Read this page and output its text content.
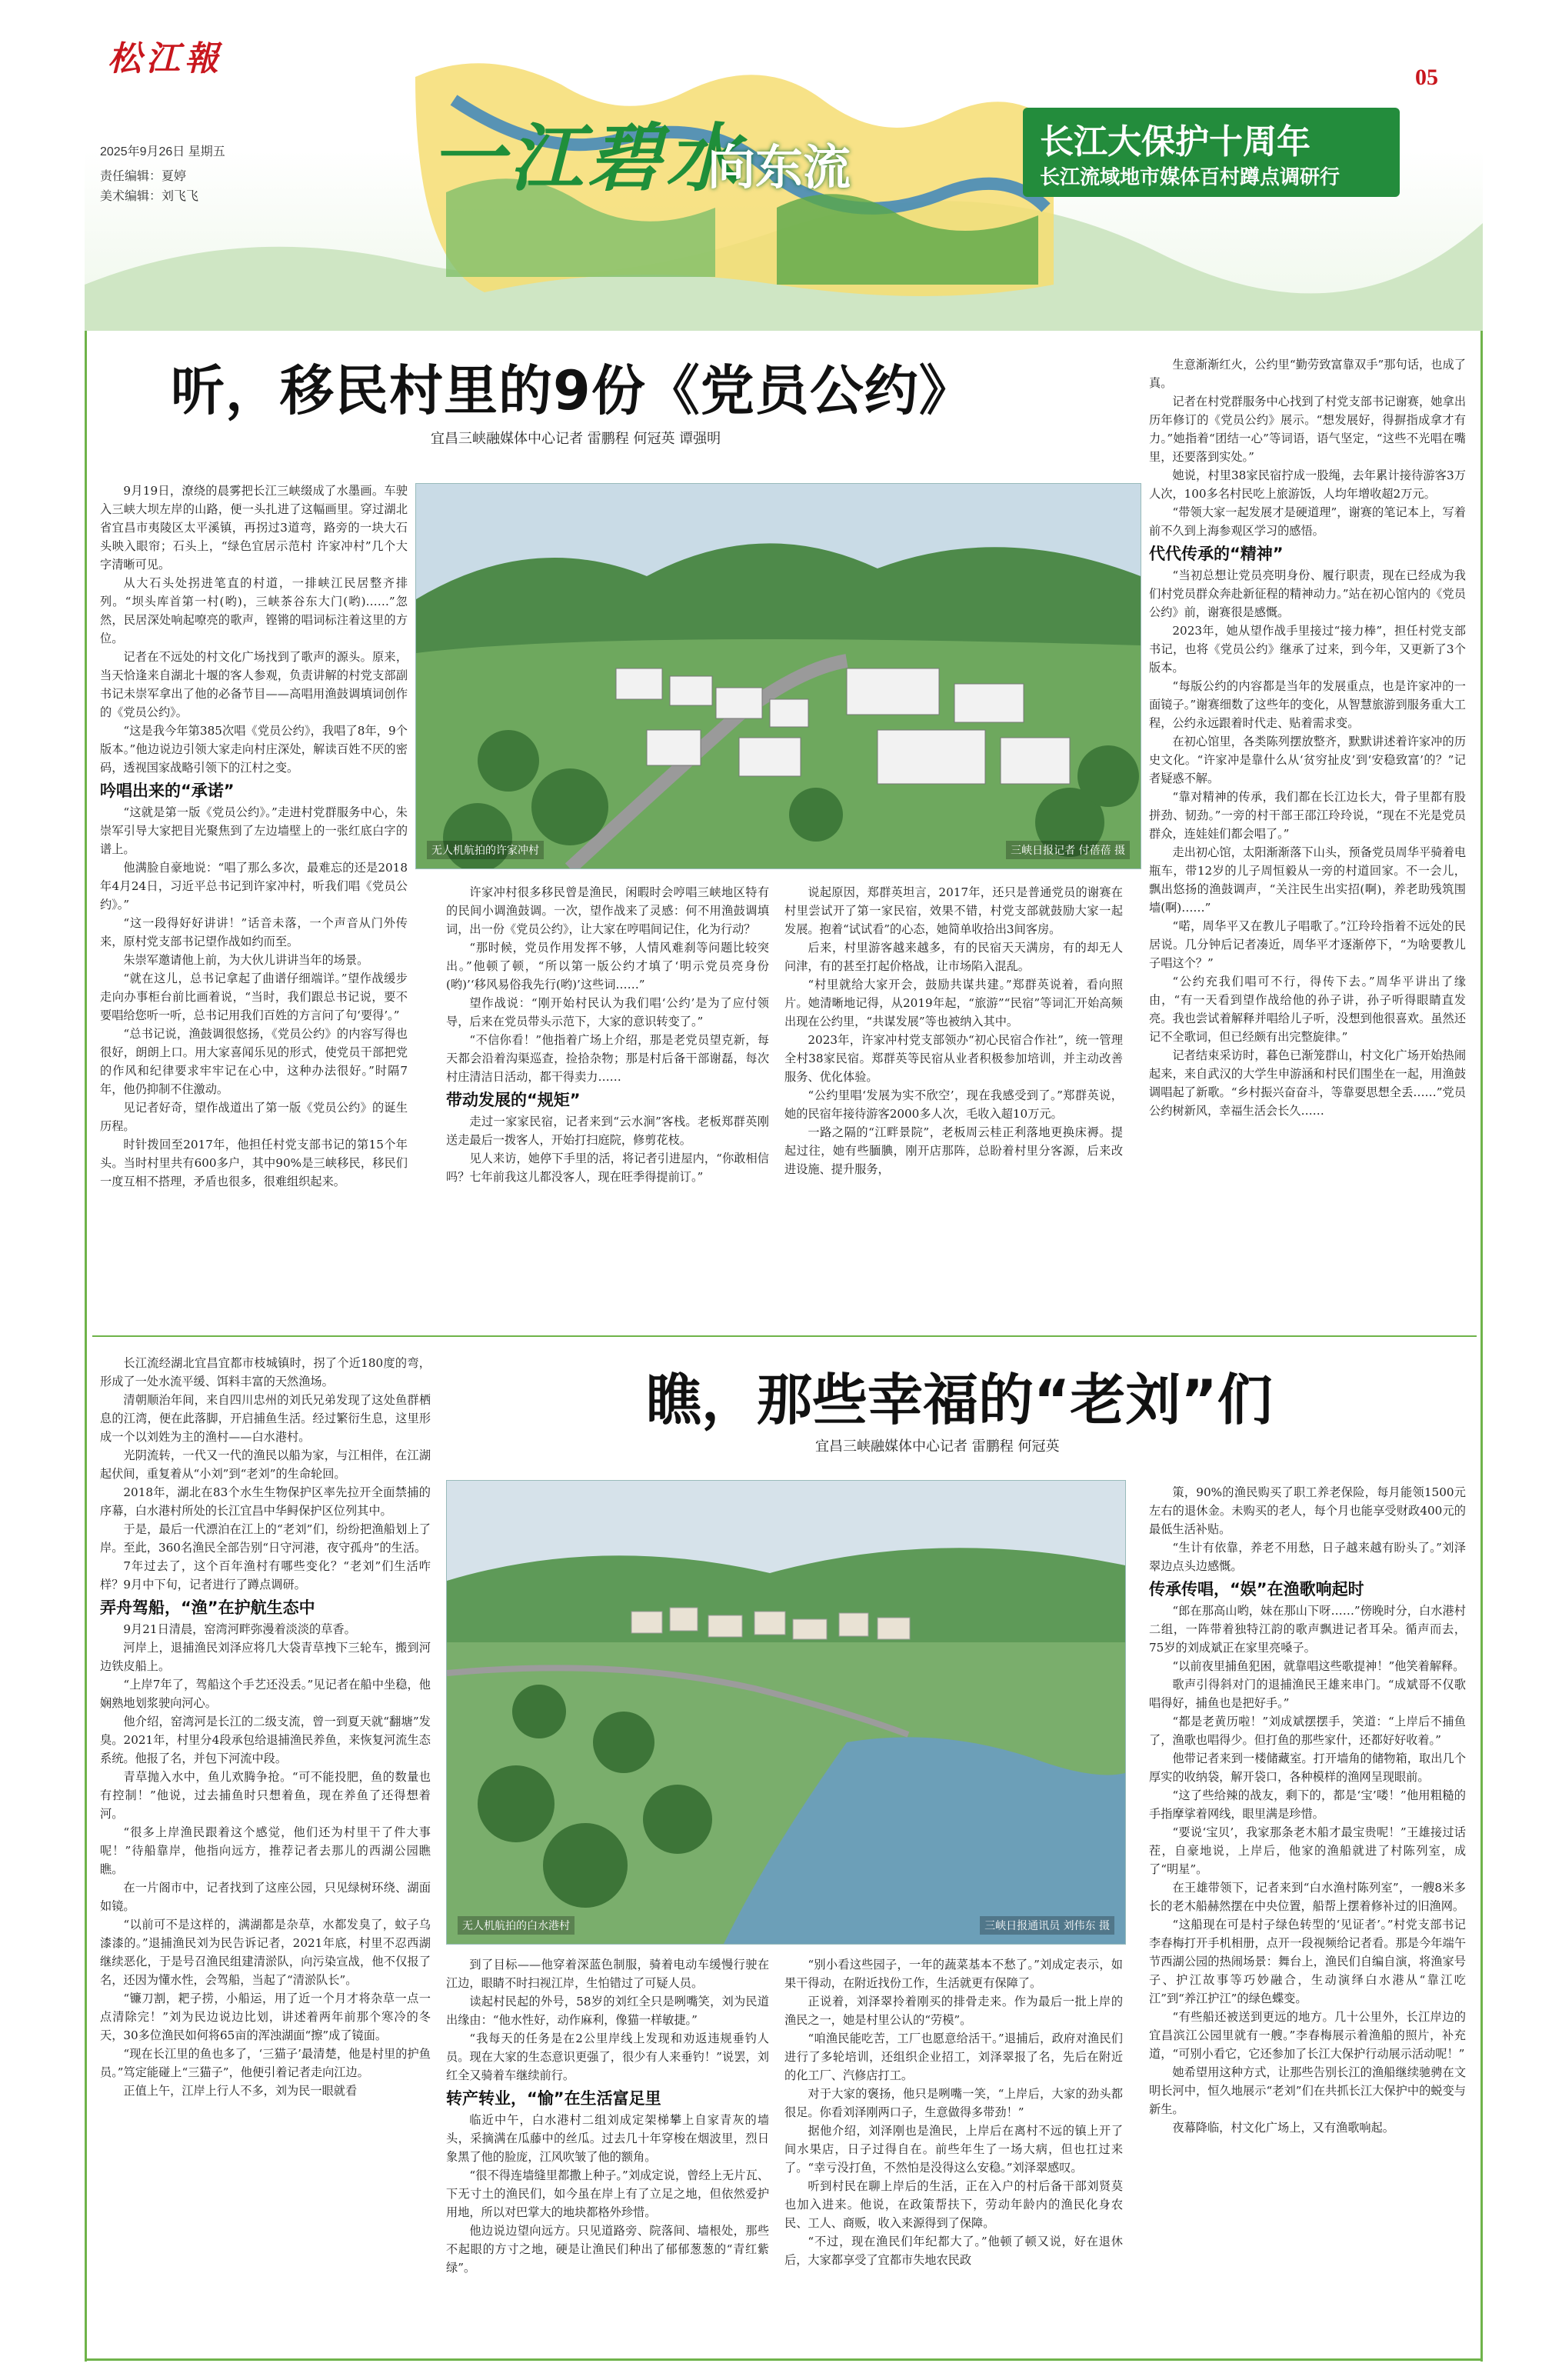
松江報	05
2025年9月26日 星期五
责任编辑：夏婷
美术编辑：刘飞飞	一江碧水
向东流	长江大保护十周年
长江流域地市媒体百村蹲点调研行
听，移民村里的9份《党员公约》
宜昌三峡融媒体中心记者 雷鹏程 何冠英 谭强明
无人机航拍的许家冲村	三峡日报记者 付蓓蓓 摄

9月19日，潦绕的晨雾把长江三峡缀成了水墨画。车驶入三峡大坝左岸的山路，便一头扎进了这幅画里。穿过湖北省宜昌市夷陵区太平溪镇，再拐过3道弯，路旁的一块大石头映入眼帘；石头上，“绿色宜居示范村 许家冲村”几个大字清晰可见。

从大石头处拐进笔直的村道，一排峡江民居整齐排列。“坝头库首第一村(哟)，三峡茶谷东大门(哟)……”忽然，民居深处响起嘹亮的歌声，铿锵的唱词标注着这里的方位。

记者在不远处的村文化广场找到了歌声的源头。原来，当天恰逢来自湖北十堰的客人参观，负责讲解的村党支部副书记未崇军拿出了他的必备节目——高唱用渔鼓调填词创作的《党员公约》。

“这是我今年第385次唱《党员公约》，我唱了8年，9个版本。”他边说边引领大家走向村庄深处，解读百姓不厌的密码，透视国家战略引领下的江村之变。

吟唱出来的“承诺”

“这就是第一版《党员公约》。”走进村党群服务中心，朱崇军引导大家把目光聚焦到了左边墙壁上的一张红底白字的谱上。

他满脸自豪地说：“唱了那么多次，最难忘的还是2018年4月24日，习近平总书记到许家冲村，听我们唱《党员公约》。”

“这一段得好好讲讲！”话音未落，一个声音从门外传来，原村党支部书记望作战如约而至。

朱崇军邀请他上前，为大伙儿讲讲当年的场景。

“就在这儿，总书记拿起了曲谱仔细端详。”望作战缓步走向办事柜台前比画着说，“当时，我们跟总书记说，要不要唱给您听一听，总书记用我们百姓的方言问了句‘要得’。”

“总书记说，渔鼓调很悠扬，《党员公约》的内容写得也很好，朗朗上口。用大家喜闻乐见的形式，使党员干部把党的作风和纪律要求牢牢记在心中，这种办法很好。”时隔7年，他仍抑制不住激动。

见记者好奇，望作战道出了第一版《党员公约》的诞生历程。

时针拨回至2017年，他担任村党支部书记的第15个年头。当时村里共有600多户，其中90%是三峡移民，移民们一度互相不搭理，矛盾也很多，很难组织起来。

许家冲村很多移民曾是渔民，闲暇时会哼唱三峡地区特有的民间小调渔鼓调。一次，望作战来了灵感：何不用渔鼓调填词，出一份《党员公约》，让大家在哼唱间记住，化为行动？

“那时候，党员作用发挥不够，人情风难刹等问题比较突出。”他顿了顿，“所以第一版公约才填了‘明示党员亮身份(哟)’‘移风易俗我先行(哟)’这些词……”

望作战说：“刚开始村民认为我们唱‘公约’是为了应付领导，后来在党员带头示范下，大家的意识转变了。”

“不信你看！”他指着广场上介绍，那是老党员望克新，每天都会沿着沟渠巡查，捡拾杂物；那是村后备干部谢磊，每次村庄清洁日活动，都干得卖力……

带动发展的“规矩”

走过一家家民宿，记者来到“云水涧”客栈。老板郑群英刚送走最后一拨客人，开始打扫庭院，修剪花枝。

见人来访，她停下手里的活，将记者引进屋内，“你敢相信吗？七年前我这儿都没客人，现在旺季得提前订。”

说起原因，郑群英坦言，2017年，还只是普通党员的谢赛在村里尝试开了第一家民宿，效果不错，村党支部就鼓励大家一起发展。抱着“试试看”的心态，她简单收拾出3间客房。

后来，村里游客越来越多，有的民宿天天满房，有的却无人问津，有的甚至打起价格战，让市场陷入混乱。

“村里就给大家开会，鼓励共谋共建。”郑群英说着，看向照片。她清晰地记得，从2019年起，“旅游”“民宿”等词汇开始高频出现在公约里，“共谋发展”等也被纳入其中。

2023年，许家冲村党支部领办“初心民宿合作社”，统一管理全村38家民宿。郑群英等民宿从业者积极参加培训，并主动改善服务、优化体验。

“公约里唱‘发展为实不欣空’，现在我感受到了。”郑群英说，她的民宿年接待游客2000多人次，毛收入超10万元。

一路之隔的“江畔景院”，老板周云桂正利落地更换床褥。提起过往，她有些腼腆，刚开店那阵，总盼着村里分客源，后来改进设施、提升服务，

生意渐渐红火，公约里“勤劳致富靠双手”那句话，也成了真。

记者在村党群服务中心找到了村党支部书记谢赛，她拿出历年修订的《党员公约》展示。“想发展好，得摒指成拿才有力。”她指着“团结一心”等词语，语气坚定，“这些不光唱在嘴里，还要落到实处。”

她说，村里38家民宿拧成一股绳，去年累计接待游客3万人次，100多名村民吃上旅游饭，人均年增收超2万元。

“带领大家一起发展才是硬道理”，谢赛的笔记本上，写着前不久到上海参观区学习的感悟。

代代传承的“精神”

“当初总想让党员亮明身份、履行职责，现在已经成为我们村党员群众奔赴新征程的精神动力。”站在初心馆内的《党员公约》前，谢赛很是感慨。

2023年，她从望作战手里接过“接力棒”，担任村党支部书记，也将《党员公约》继承了过来，到今年，又更新了3个版本。

“每版公约的内容都是当年的发展重点，也是许家冲的一面镜子。”谢赛细数了这些年的变化，从智慧旅游到服务重大工程，公约永远跟着时代走、贴着需求变。

在初心馆里，各类陈列摆放整齐，默默讲述着许家冲的历史文化。“许家冲是靠什么从‘贫穷扯皮’到‘安稳致富’的？”记者疑惑不解。

“靠对精神的传承，我们都在长江边长大，骨子里都有股拼劲、韧劲。”一旁的村干部王邵江玲玲说，“现在不光是党员群众，连娃娃们都会唱了。”

走出初心馆，太阳渐渐落下山头，预备党员周华平骑着电瓶车，带12岁的儿子周恒毅从一旁的村道回家。不一会儿，飘出悠扬的渔鼓调声，“关注民生出实招(啊)，养老助残筑围墙(啊)……”

“喏，周华平又在教儿子唱歌了。”江玲玲指着不远处的民居说。几分钟后记者凑近，周华平才逐渐停下，“为啥要教儿子唱这个？”

“公约充我们唱可不行，得传下去。”周华平讲出了缘由，“有一天看到望作战给他的孙子讲，孙子听得眼睛直发亮。我也尝试着解释并唱给儿子听，没想到他很喜欢。虽然还记不全歌词，但已经颇有出完整旋律。”

记者结束采访时，暮色已渐笼群山，村文化广场开始热闹起来，来自武汉的大学生申游涵和村民们围坐在一起，用渔鼓调唱起了新歌。“乡村振兴奋奋斗，等靠耍思想全丢……”党员公约树新风，幸福生活会长久……

瞧，那些幸福的“老刘”们
宜昌三峡融媒体中心记者 雷鹏程 何冠英
无人机航拍的白水港村	三峡日报通讯员 刘伟东 摄

长江流经湖北宜昌宜都市枝城镇时，拐了个近180度的弯，形成了一处水流平缓、饵料丰富的天然渔场。

清朝顺治年间，来自四川忠州的刘氏兄弟发现了这处鱼群栖息的江湾，便在此落脚，开启捕鱼生活。经过繁衍生息，这里形成一个以刘姓为主的渔村——白水港村。

光阴流转，一代又一代的渔民以船为家，与江相伴，在江湖起伏间，重复着从“小刘”到“老刘”的生命轮回。

2018年，湖北在83个水生生物保护区率先拉开全面禁捕的序幕，白水港村所处的长江宜昌中华鲟保护区位列其中。

于是，最后一代漂泊在江上的“老刘”们，纷纷把渔船划上了岸。至此，360名渔民全部告别“日守河港，夜守孤舟”的生活。

7年过去了，这个百年渔村有哪些变化？“老刘”们生活咋样？9月中下旬，记者进行了蹲点调研。

弄舟驾船，“渔”在护航生态中

9月21日清晨，窑湾河畔弥漫着淡淡的草香。

河岸上，退捕渔民刘泽应将几大袋青草拽下三轮车，搬到河边铁皮船上。

“上岸7年了，驾船这个手艺还没丢。”见记者在船中坐稳，他娴熟地划浆驶向河心。

他介绍，窑湾河是长江的二级支流，曾一到夏天就“翻塘”发臭。2021年，村里分4段承包给退捕渔民养鱼，来恢复河流生态系统。他报了名，并包下河流中段。

青草抛入水中，鱼儿欢腾争抢。“可不能投肥，鱼的数量也有控制！”他说，过去捕鱼时只想着鱼，现在养鱼了还得想着河。

“很多上岸渔民跟着这个感觉，他们还为村里干了件大事呢！”待船靠岸，他指向远方，推荐记者去那儿的西湖公园瞧瞧。

在一片阁市中，记者找到了这座公园，只见绿树环绕、湖面如镜。

“以前可不是这样的，满湖都是杂草，水都发臭了，蚊子乌漆漆的。”退捕渔民刘为民告诉记者，2021年底，村里不忍西湖继续恶化，于是号召渔民组建清淤队，向污染宣战，他不仅报了名，还因为懂水性，会驾船，当起了“清淤队长”。

“镰刀割，耙子捞，小船运，用了近一个月才将杂草一点一点清除完！”刘为民边说边比划，讲述着两年前那个寒冷的冬天，30多位渔民如何将65亩的浑浊湖面“擦”成了镜面。

“现在长江里的鱼也多了，‘三猫子’最清楚，他是村里的护鱼员。”笃定能碰上“三猫子”，他便引着记者走向江边。

正值上午，江岸上行人不多，刘为民一眼就看

到了目标——他穿着深蓝色制服，骑着电动车缓慢行驶在江边，眼睛不时扫视江岸，生怕错过了可疑人员。

读起村民起的外号，58岁的刘红全只是咧嘴笑，刘为民道出缘由：“他水性好，动作麻利，像猫一样敏捷。”

“我每天的任务是在2公里岸线上发现和劝返违规垂钓人员。现在大家的生态意识更强了，很少有人来垂钓！”说罢，刘红全又骑着车继续前行。

转产转业，“愉”在生活富足里

临近中午，白水港村二组刘成定架梯攀上自家青灰的墙头，采摘满在瓜藤中的丝瓜。过去几十年穿梭在烟波里，烈日象黑了他的脸庞，江风吹皱了他的额角。

“很不得连墙缝里都撒上种子。”刘成定说，曾经上无片瓦、下无寸土的渔民们，如今虽在岸上有了立足之地，但依然爱护用地，所以对巴掌大的地块都格外珍惜。

他边说边望向远方。只见道路旁、院落间、墙根处，那些不起眼的方寸之地，硬是让渔民们种出了郁郁葱葱的“青红紫绿”。

“别小看这些园子，一年的蔬菜基本不愁了。”刘成定表示，如果干得动，在附近找份工作，生活就更有保障了。

正说着，刘泽翠拎着刚买的排骨走来。作为最后一批上岸的渔民之一，她是村里公认的“劳模”。

“咱渔民能吃苦，工厂也愿意给活干。”退捕后，政府对渔民们进行了多轮培训，还组织企业招工，刘泽翠报了名，先后在附近的化工厂、汽修店打工。

对于大家的褒扬，他只是咧嘴一笑，“上岸后，大家的劲头都很足。你看刘泽刚两口子，生意做得多带劲！”

据他介绍，刘泽刚也是渔民，上岸后在离村不远的镇上开了间水果店，日子过得自在。前些年生了一场大病，但也扛过来了。“幸亏没打鱼，不然怕是没得这么安稳。”刘泽翠感叹。

听到村民在聊上岸后的生活，正在入户的村后备干部刘贤莫也加入进来。他说，在政策帮扶下，劳动年龄内的渔民化身农民、工人、商贩，收入来源得到了保障。

“不过，现在渔民们年纪都大了。”他顿了顿又说，好在退休后，大家都享受了宜都市失地农民政

策，90%的渔民购买了职工养老保险，每月能领1500元左右的退休金。未购买的老人，每个月也能享受财政400元的最低生活补贴。

“生计有依靠，养老不用愁，日子越来越有盼头了。”刘泽翠边点头边感慨。

传承传唱，“娱”在渔歌响起时

“郎在那高山哟，妹在那山下呀……”傍晚时分，白水港村二组，一阵带着独特江韵的歌声飘进记者耳朵。循声而去，75岁的刘成斌正在家里亮嗓子。

“以前夜里捕鱼犯困，就靠唱这些歌提神！”他笑着解释。

歌声引得斜对门的退捕渔民王雄来串门。“成斌哥不仅歌唱得好，捕鱼也是把好手。”

“都是老黄历啦！”刘成斌摆摆手，笑道：“上岸后不捕鱼了，渔歌也唱得少。但打鱼的那些家什，还都好好收着。”

他带记者来到一楼储藏室。打开墙角的储物箱，取出几个厚实的收纳袋，解开袋口，各种模样的渔网呈现眼前。

“这了些给辣的战友，剩下的，都是‘宝’喽！”他用粗糙的手指摩挲着网线，眼里满是珍惜。

“要说‘宝贝’，我家那条老木船才最宝贵呢！”王雄接过话茬，自豪地说，上岸后，他家的渔船就进了村陈列室，成了“明星”。

在王雄带领下，记者来到“白水渔村陈列室”，一艘8米多长的老木船赫然摆在中央位置，船帮上摆着修补过的旧渔网。

“这船现在可是村子绿色转型的‘见证者’。”村党支部书记李春梅打开手机相册，点开一段视频给记者看。那是今年端午节西湖公园的热闹场景：舞台上，渔民们自编自演，将渔家号子、护江故事等巧妙融合，生动演绎白水港从“靠江吃江”到“养江护江”的绿色蝶变。

“有些船还被送到更远的地方。几十公里外，长江岸边的宜昌滨江公园里就有一艘。”李春梅展示着渔船的照片，补充道，“可别小看它，它还参加了长江大保护行动展示活动呢！”

她希望用这种方式，让那些告别长江的渔船继续驰骋在文明长河中，恒久地展示“老刘”们在共抓长江大保护中的蜕变与新生。

夜幕降临，村文化广场上，又有渔歌响起。
